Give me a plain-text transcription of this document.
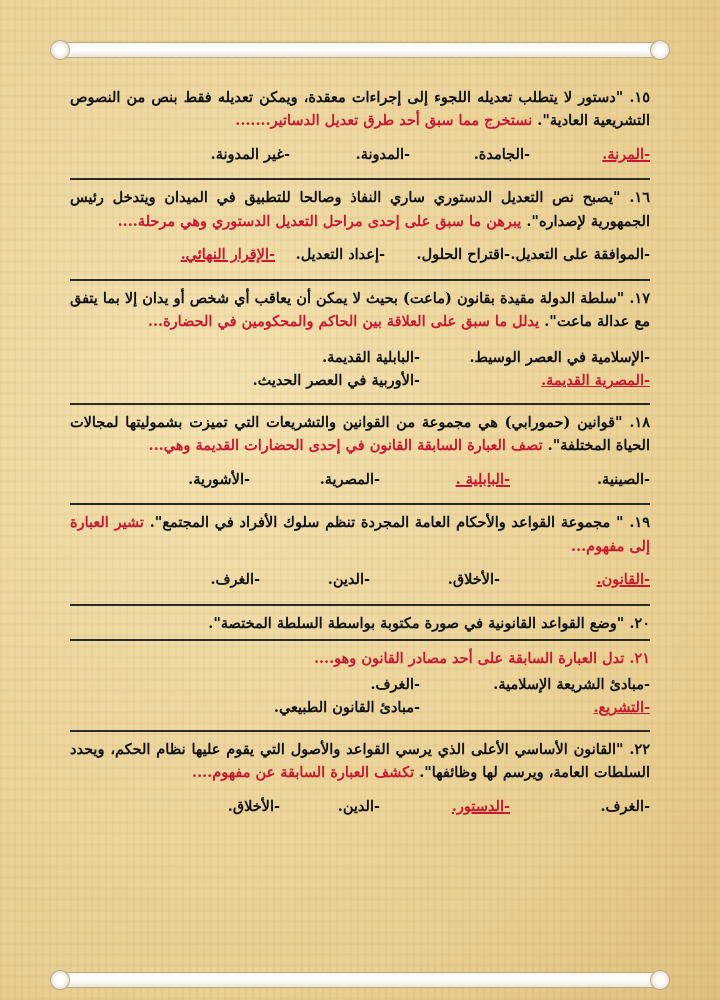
١٥. "دستور لا يتطلب تعديله اللجوء إلى إجراءات معقدة، ويمكن تعديله فقط بنص من النصوص التشريعية العادية". نستخرج مما سبق أحد طرق تعديل الدساتير.......

-المرنة.
-الجامدة.
-المدونة.
-غير المدونة.

١٦. "يصبح نص التعديل الدستوري ساري النفاذ وصالحا للتطبيق في الميدان ويتدخل رئيس الجمهورية لإصداره". يبرهن ما سبق على إحدى مراحل التعديل الدستوري وهي مرحلة....

-الموافقة على التعديل.
-اقتراح الحلول.
-إعداد التعديل.
-الإقرار النهائي.

١٧. "سلطة الدولة مقيدة بقانون (ماعت) بحيث لا يمكن أن يعاقب أي شخص أو يدان إلا بما يتفق مع عدالة ماعت". يدلل ما سبق على العلاقة بين الحاكم والمحكومين في الحضارة...

-الإسلامية في العصر الوسيط.
-البابلية القديمة.
-المصرية القديمة.
-الأوربية في العصر الحديث.

١٨. "قوانين (حمورابي) هي مجموعة من القوانين والتشريعات التي تميزت بشموليتها لمجالات الحياة المختلفة". تصف العبارة السابقة القانون في إحدى الحضارات القديمة وهي...

-الصينية.
-البابلية .
-المصرية.
-الأشورية.

١٩. " مجموعة القواعد والأحكام العامة المجردة تنظم سلوك الأفراد في المجتمع". تشير العبارة إلى مفهوم...

-القانون.
-الأخلاق.
-الدين.
-الغرف.

٢٠. "وضع القواعد القانونية في صورة مكتوبة بواسطة السلطة المختصة".

٢١. تدل العبارة السابقة على أحد مصادر القانون وهو....

-مبادئ الشريعة الإسلامية.
-الغرف.
-التشريع.
-مبادئ القانون الطبيعي.

٢٢. "القانون الأساسي الأعلى الذي يرسي القواعد والأصول التي يقوم عليها نظام الحكم، ويحدد السلطات العامة، ويرسم لها وظائفها". تكشف العبارة السابقة عن مفهوم....

-الغرف.
-الدستور.
-الدين.
-الأخلاق.
